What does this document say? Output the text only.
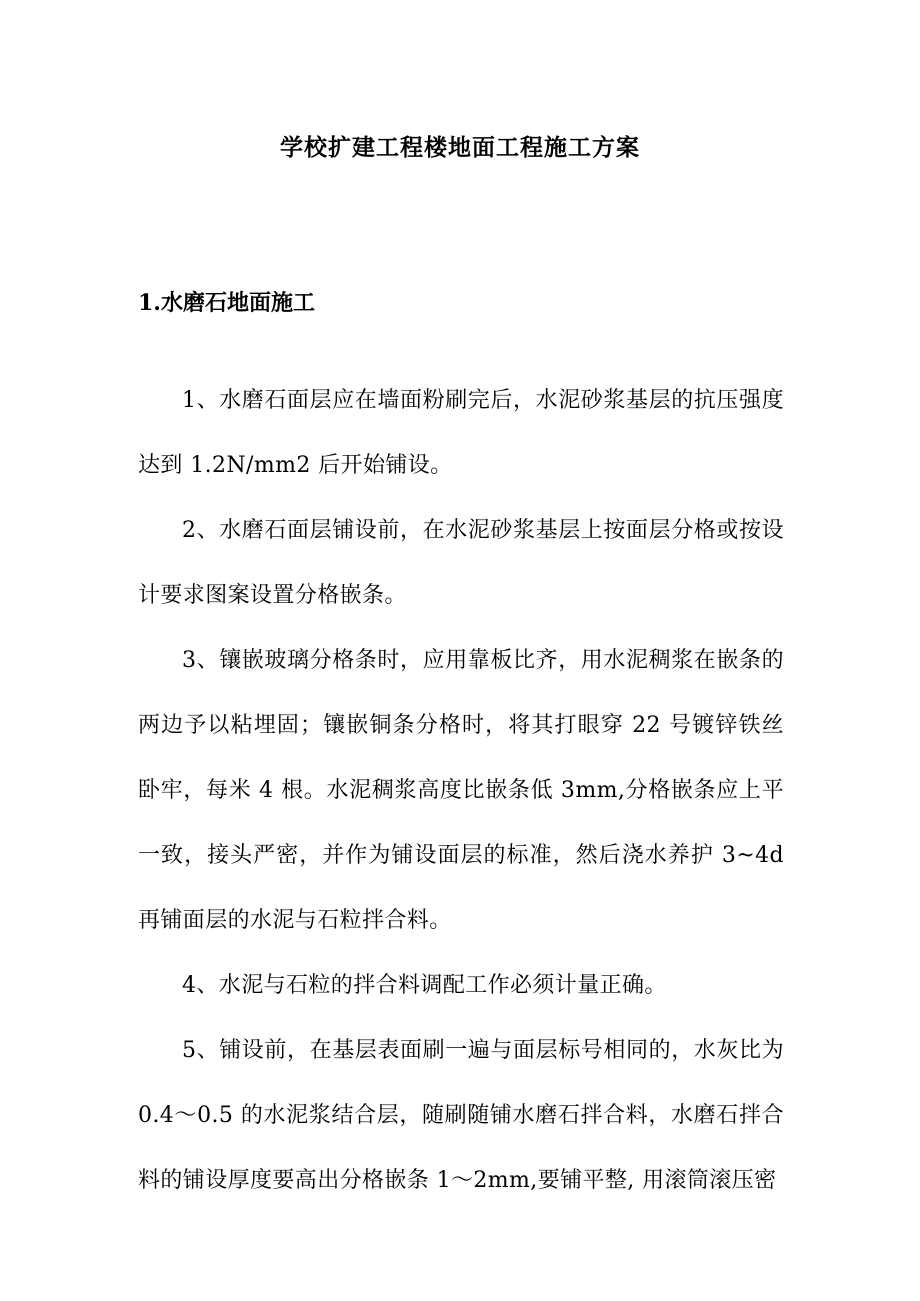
学校扩建工程楼地面工程施工方案
1.水磨石地面施工

1、水磨石面层应在墙面粉刷完后，水泥砂浆基层的抗压强度达到 1.2N/mm2 后开始铺设。

2、水磨石面层铺设前，在水泥砂浆基层上按面层分格或按设计要求图案设置分格嵌条。

3、镶嵌玻璃分格条时，应用靠板比齐，用水泥稠浆在嵌条的两边予以粘埋固；镶嵌铜条分格时，将其打眼穿 22 号镀锌铁丝卧牢，每米 4 根。水泥稠浆高度比嵌条低 3mm,分格嵌条应上平一致，接头严密，并作为铺设面层的标准，然后浇水养护 3~4d 再铺面层的水泥与石粒拌合料。

4、水泥与石粒的拌合料调配工作必须计量正确。

5、铺设前，在基层表面刷一遍与面层标号相同的，水灰比为 0.4～0.5 的水泥浆结合层，随刷随铺水磨石拌合料，水磨石拌合料的铺设厚度要高出分格嵌条 1～2mm,要铺平整, 用滚筒滚压密
